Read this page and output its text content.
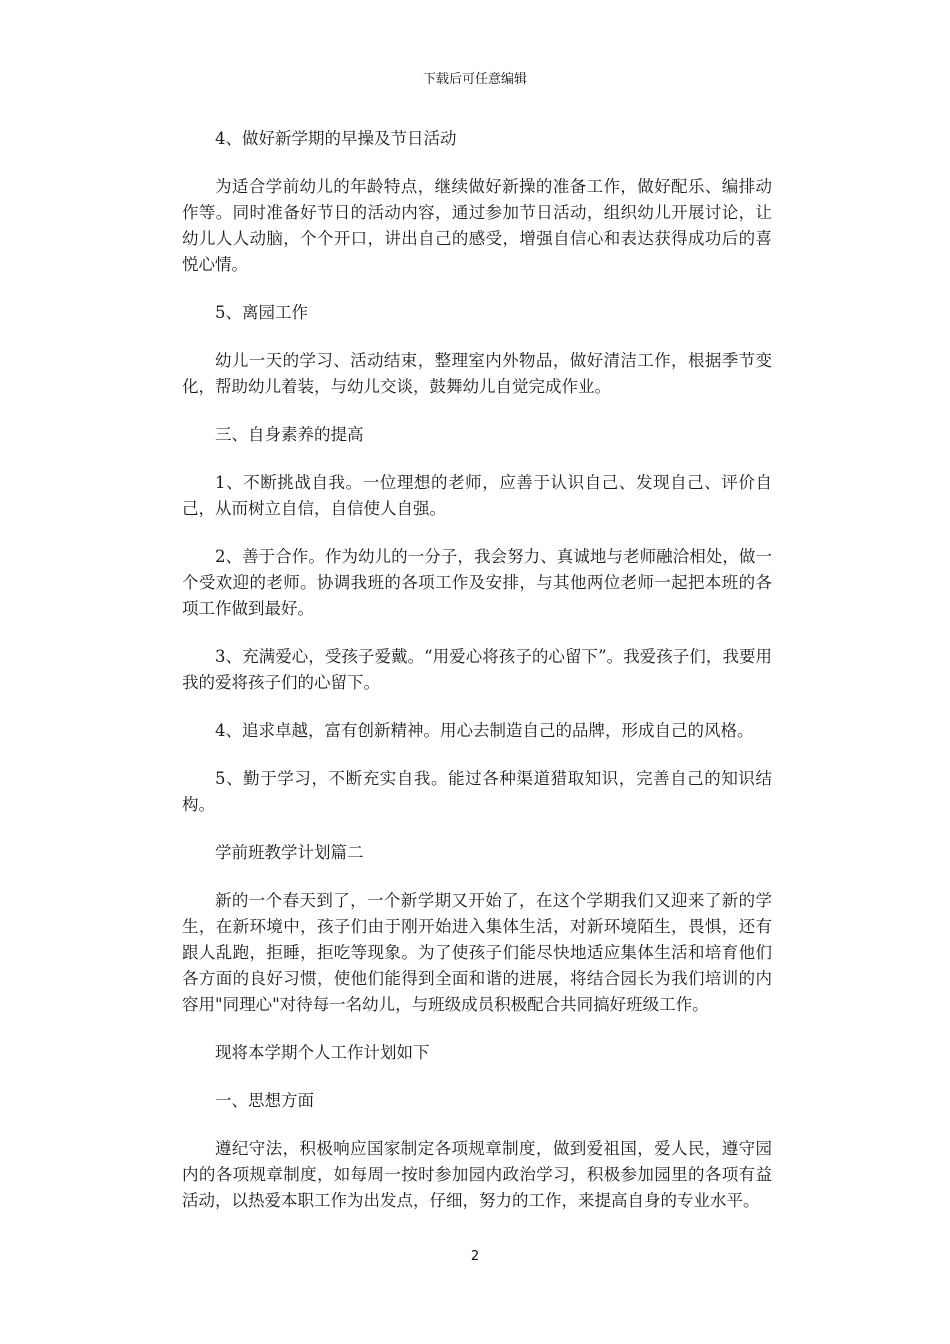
下载后可任意编辑

4、做好新学期的早操及节日活动

为适合学前幼儿的年龄特点，继续做好新操的准备工作，做好配乐、编排动作等。同时准备好节日的活动内容，通过参加节日活动，组织幼儿开展讨论，让幼儿人人动脑，个个开口，讲出自己的感受，增强自信心和表达获得成功后的喜悦心情。

5、离园工作

幼儿一天的学习、活动结束，整理室内外物品，做好清洁工作，根据季节变化，帮助幼儿着装，与幼儿交谈，鼓舞幼儿自觉完成作业。

三、自身素养的提高

1、不断挑战自我。一位理想的老师，应善于认识自己、发现自己、评价自己，从而树立自信，自信使人自强。

2、善于合作。作为幼儿的一分子，我会努力、真诚地与老师融洽相处，做一个受欢迎的老师。协调我班的各项工作及安排，与其他两位老师一起把本班的各项工作做到最好。

3、充满爱心，受孩子爱戴。“用爱心将孩子的心留下”。我爱孩子们，我要用我的爱将孩子们的心留下。

4、追求卓越，富有创新精神。用心去制造自己的品牌，形成自己的风格。

5、勤于学习，不断充实自我。能过各种渠道猎取知识，完善自己的知识结构。

学前班教学计划篇二

新的一个春天到了，一个新学期又开始了，在这个学期我们又迎来了新的学生，在新环境中，孩子们由于刚开始进入集体生活，对新环境陌生，畏惧，还有跟人乱跑，拒睡，拒吃等现象。为了使孩子们能尽快地适应集体生活和培育他们各方面的良好习惯，使他们能得到全面和谐的进展，将结合园长为我们培训的内容用"同理心"对待每一名幼儿，与班级成员积极配合共同搞好班级工作。

现将本学期个人工作计划如下

一、思想方面

遵纪守法，积极响应国家制定各项规章制度，做到爱祖国，爱人民，遵守园内的各项规章制度，如每周一按时参加园内政治学习，积极参加园里的各项有益活动，以热爱本职工作为出发点，仔细，努力的工作，来提高自身的专业水平。

2
